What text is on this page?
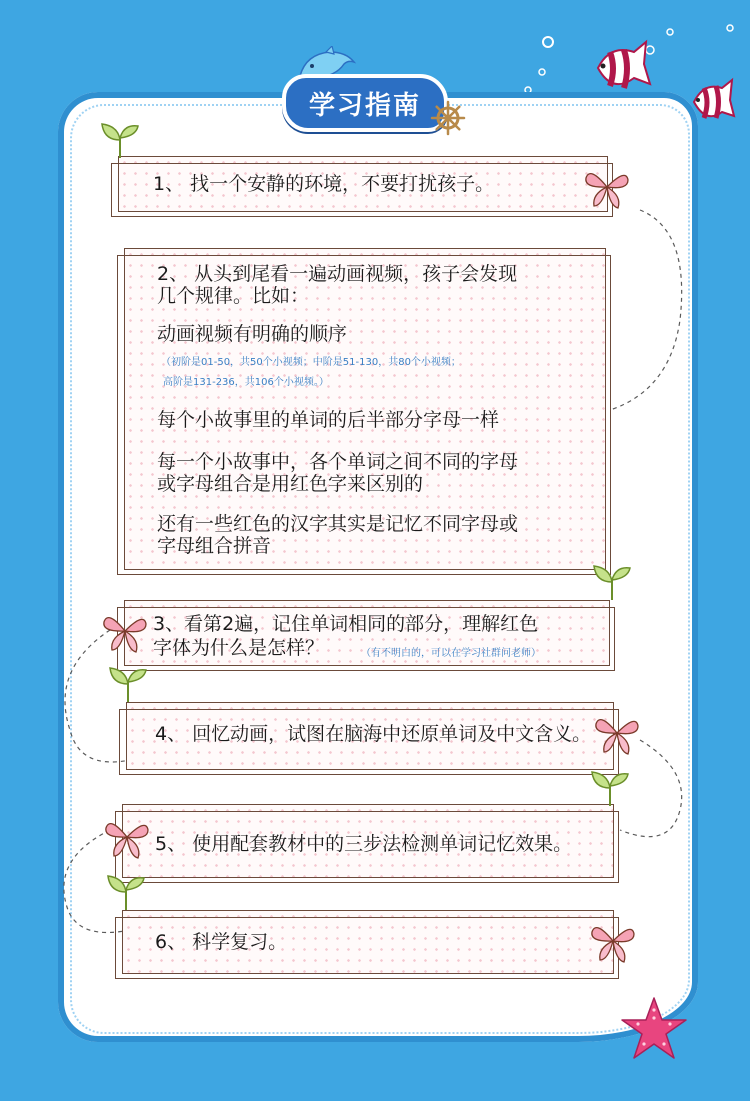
学习指南
1、 找一个安静的环境，不要打扰孩子。
2、 从头到尾看一遍动画视频，孩子会发现
几个规律。比如：
动画视频有明确的顺序
（初阶是01-50，共50个小视频；中阶是51-130，共80个小视频；
高阶是131-236，共106个小视频。）
每个小故事里的单词的后半部分字母一样
每一个小故事中，各个单词之间不同的字母
或字母组合是用红色字来区别的
还有一些红色的汉字其实是记忆不同字母或
字母组合拼音
3、看第2遍，记住单词相同的部分，理解红色
字体为什么是怎样？	（有不明白的，可以在学习社群问老师）
4、 回忆动画，试图在脑海中还原单词及中文含义。
5、 使用配套教材中的三步法检测单词记忆效果。
6、 科学复习。
